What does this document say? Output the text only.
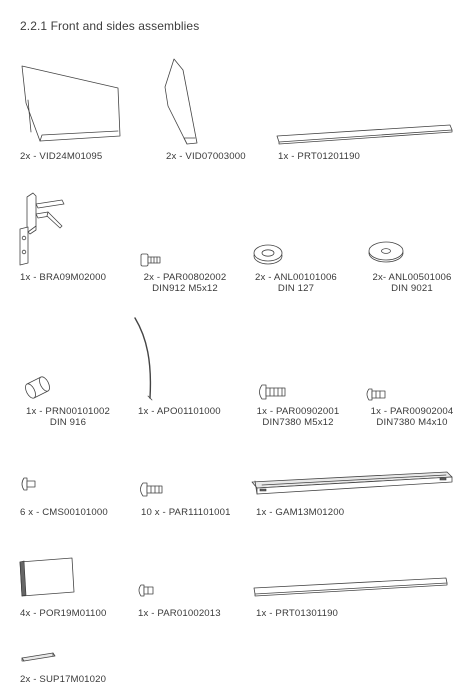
2.2.1 Front and sides assemblies
2x - VID24M01095	2x - VID07003000	1x - PRT01201190
1x - BRA09M02000	2x - PAR00802002
DIN912 M5x12
2x - ANL00101006
DIN 127
2x- ANL00501006
DIN 9021
1x - PRN00101002
DIN 916
1x - APO01101000	1x - PAR00902001
DIN7380 M5x12
1x - PAR00902004
DIN7380 M4x10
6 x - CMS00101000	10 x - PAR11101001	1x - GAM13M01200
4x - POR19M01100	1x - PAR01002013	1x - PRT01301190
2x - SUP17M01020
